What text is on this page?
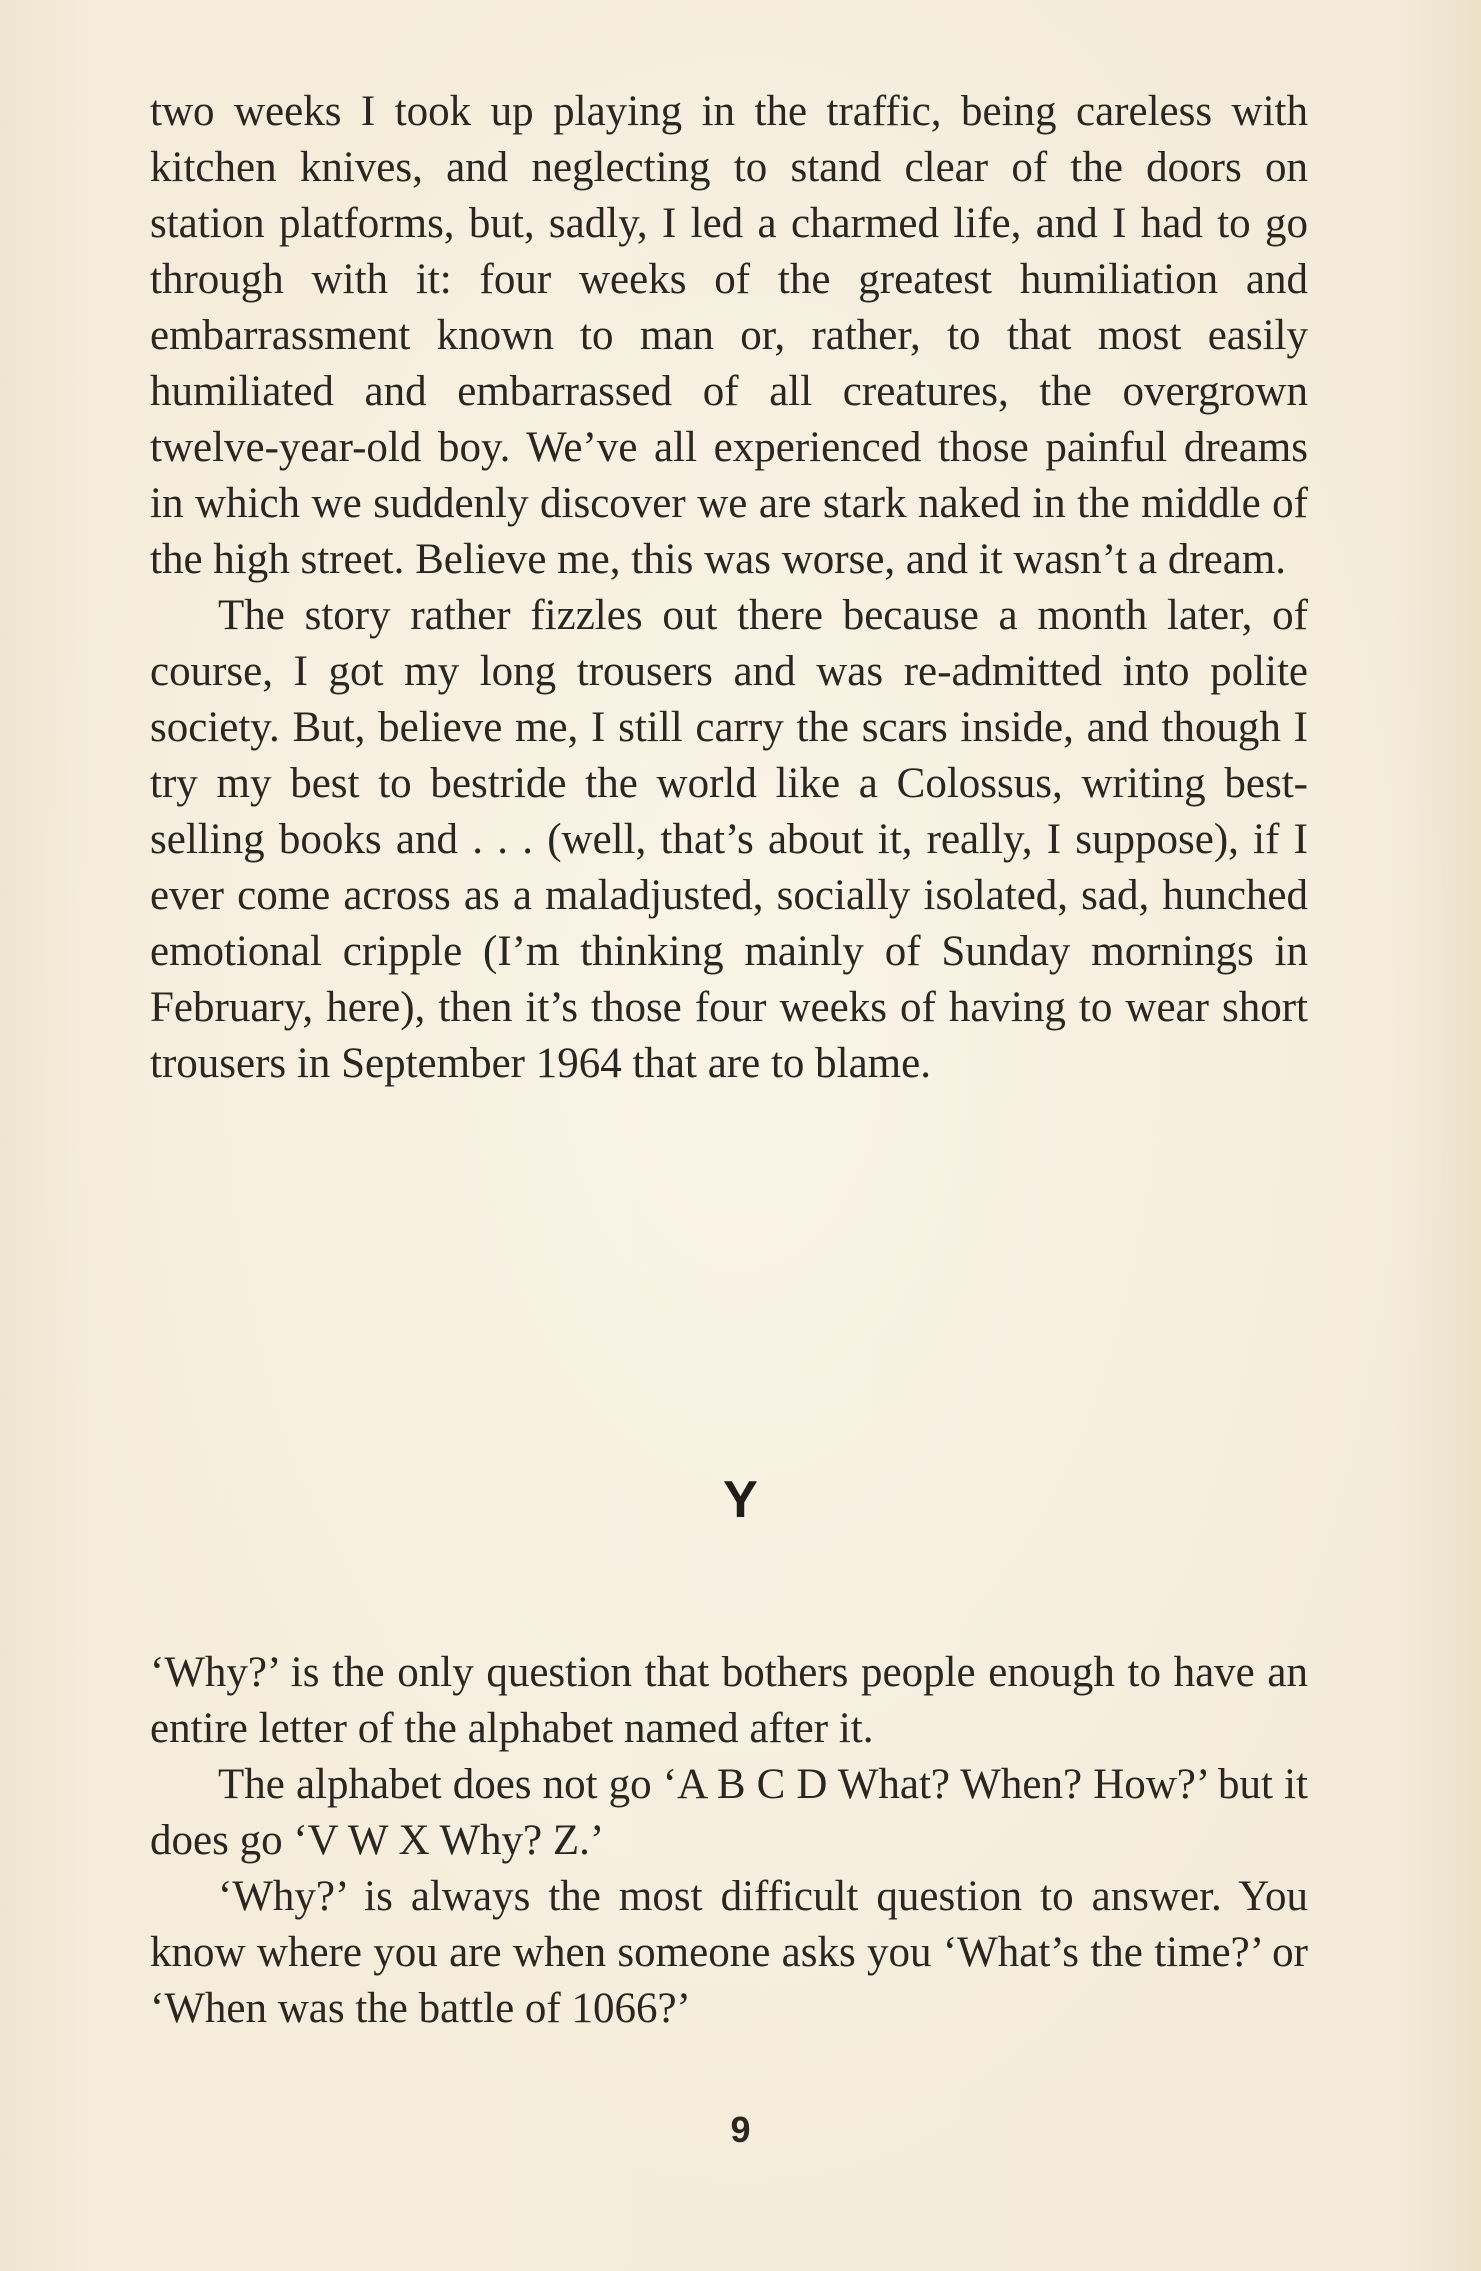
two weeks I took up playing in the traffic, being careless with kitchen knives, and neglecting to stand clear of the doors on station platforms, but, sadly, I led a charmed life, and I had to go through with it: four weeks of the greatest humiliation and embarrassment known to man or, rather, to that most easily humiliated and embarrassed of all creatures, the overgrown twelve-year-old boy. We’ve all experienced those painful dreams in which we suddenly discover we are stark naked in the middle of the high street. Believe me, this was worse, and it wasn’t a dream.

The story rather fizzles out there because a month later, of course, I got my long trousers and was re-admitted into polite society. But, believe me, I still carry the scars inside, and though I try my best to bestride the world like a Colossus, writing best-selling books and . . . (well, that’s about it, really, I suppose), if I ever come across as a maladjusted, socially isolated, sad, hunched emotional cripple (I’m thinking mainly of Sunday mornings in February, here), then it’s those four weeks of having to wear short trousers in September 1964 that are to blame.

Y

‘Why?’ is the only question that bothers people enough to have an entire letter of the alphabet named after it.

The alphabet does not go ‘A B C D What? When? How?’ but it does go ‘V W X Why? Z.’

‘Why?’ is always the most difficult question to answer. You know where you are when someone asks you ‘What’s the time?’ or ‘When was the battle of 1066?’

9
